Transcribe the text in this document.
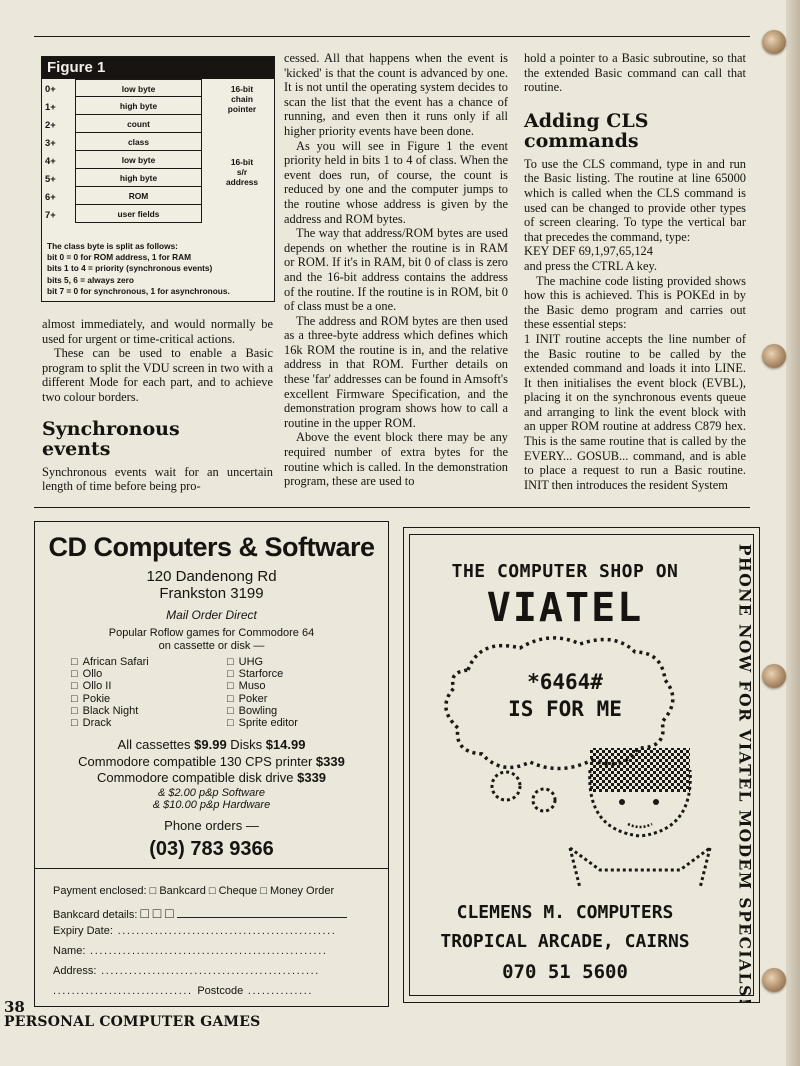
Figure 1
0+	low byte
1+	high byte
2+	count
3+	class
4+	low byte
5+	high byte
6+	ROM
7+	user fields
16-bit
chain
pointer
16-bit
s/r
address
The class byte is split as follows:
bit 0 = 0 for ROM address, 1 for RAM
bits 1 to 4 = priority (synchronous events)
bits 5, 6 = always zero
bit 7 = 0 for synchronous, 1 for asynchronous.

almost immediately, and would normally be used for urgent or time-critical actions.

These can be used to enable a Basic program to split the VDU screen in two with a different Mode for each part, and to achieve two colour borders.

Synchronous events

Synchronous events wait for an uncertain length of time before being pro-

cessed. All that happens when the event is 'kicked' is that the count is advanced by one. It is not until the operating system decides to scan the list that the event has a chance of running, and even then it runs only if all higher priority events have been done.

As you will see in Figure 1 the event priority held in bits 1 to 4 of class. When the event does run, of course, the count is reduced by one and the computer jumps to the routine whose address is given by the address and ROM bytes.

The way that address/ROM bytes are used depends on whether the routine is in RAM or ROM. If it's in RAM, bit 0 of class is zero and the 16-bit address contains the address of the routine. If the routine is in ROM, bit 0 of class must be a one.

The address and ROM bytes are then used as a three-byte address which defines which 16k ROM the routine is in, and the relative address in that ROM. Further details on these 'far' addresses can be found in Amsoft's excellent Firmware Specification, and the demonstration program shows how to call a routine in the upper ROM.

Above the event block there may be any required number of extra bytes for the routine which is called. In the demonstration program, these are used to

hold a pointer to a Basic subroutine, so that the extended Basic command can call that routine.

Adding CLS commands

To use the CLS command, type in and run the Basic listing. The routine at line 65000 which is called when the CLS command is used can be changed to provide other types of screen clearing. To type the vertical bar that precedes the command, type:

KEY DEF 69,1,97,65,124

and press the CTRL A key.

The machine code listing provided shows how this is achieved. This is POKEd in by the Basic demo program and carries out these essential steps:

1 INIT routine accepts the line number of the Basic routine to be called by the extended command and loads it into LINE. It then initialises the event block (EVBL), placing it on the synchronous events queue and arranging to link the event block with an upper ROM routine at address C879 hex. This is the same routine that is called by the EVERY... GOSUB... command, and is able to place a request to run a Basic routine. INIT then introduces the resident System

CD Computers & Software
120 Dandenong Rd
Frankston 3199
Mail Order Direct
Popular Roflow games for Commodore 64
on cassette or disk —
□ African Safari
□ Ollo
□ Ollo II
□ Pokie
□ Black Night
□ Drack
□ UHG
□ Starforce
□ Muso
□ Poker
□ Bowling
□ Sprite editor
All cassettes $9.99 Disks $14.99
Commodore compatible 130 CPS printer $339
Commodore compatible disk drive $339
& $2.00 p&p Software
& $10.00 p&p Hardware
Phone orders —
(03) 783 9366
Payment enclosed: □ Bankcard □ Cheque □ Money Order
Bankcard details: □ □ □
Expiry Date: ...............................................
Name: ...................................................
Address: ...............................................
.............................. Postcode ..............
THE COMPUTER SHOP ON
VIATEL
*6464#
IS FOR ME
CLEMENS M. COMPUTERS
TROPICAL ARCADE, CAIRNS
070 51 5600	PHONE NOW FOR VIATEL MODEM SPECIALS!
38
PERSONAL COMPUTER GAMES
